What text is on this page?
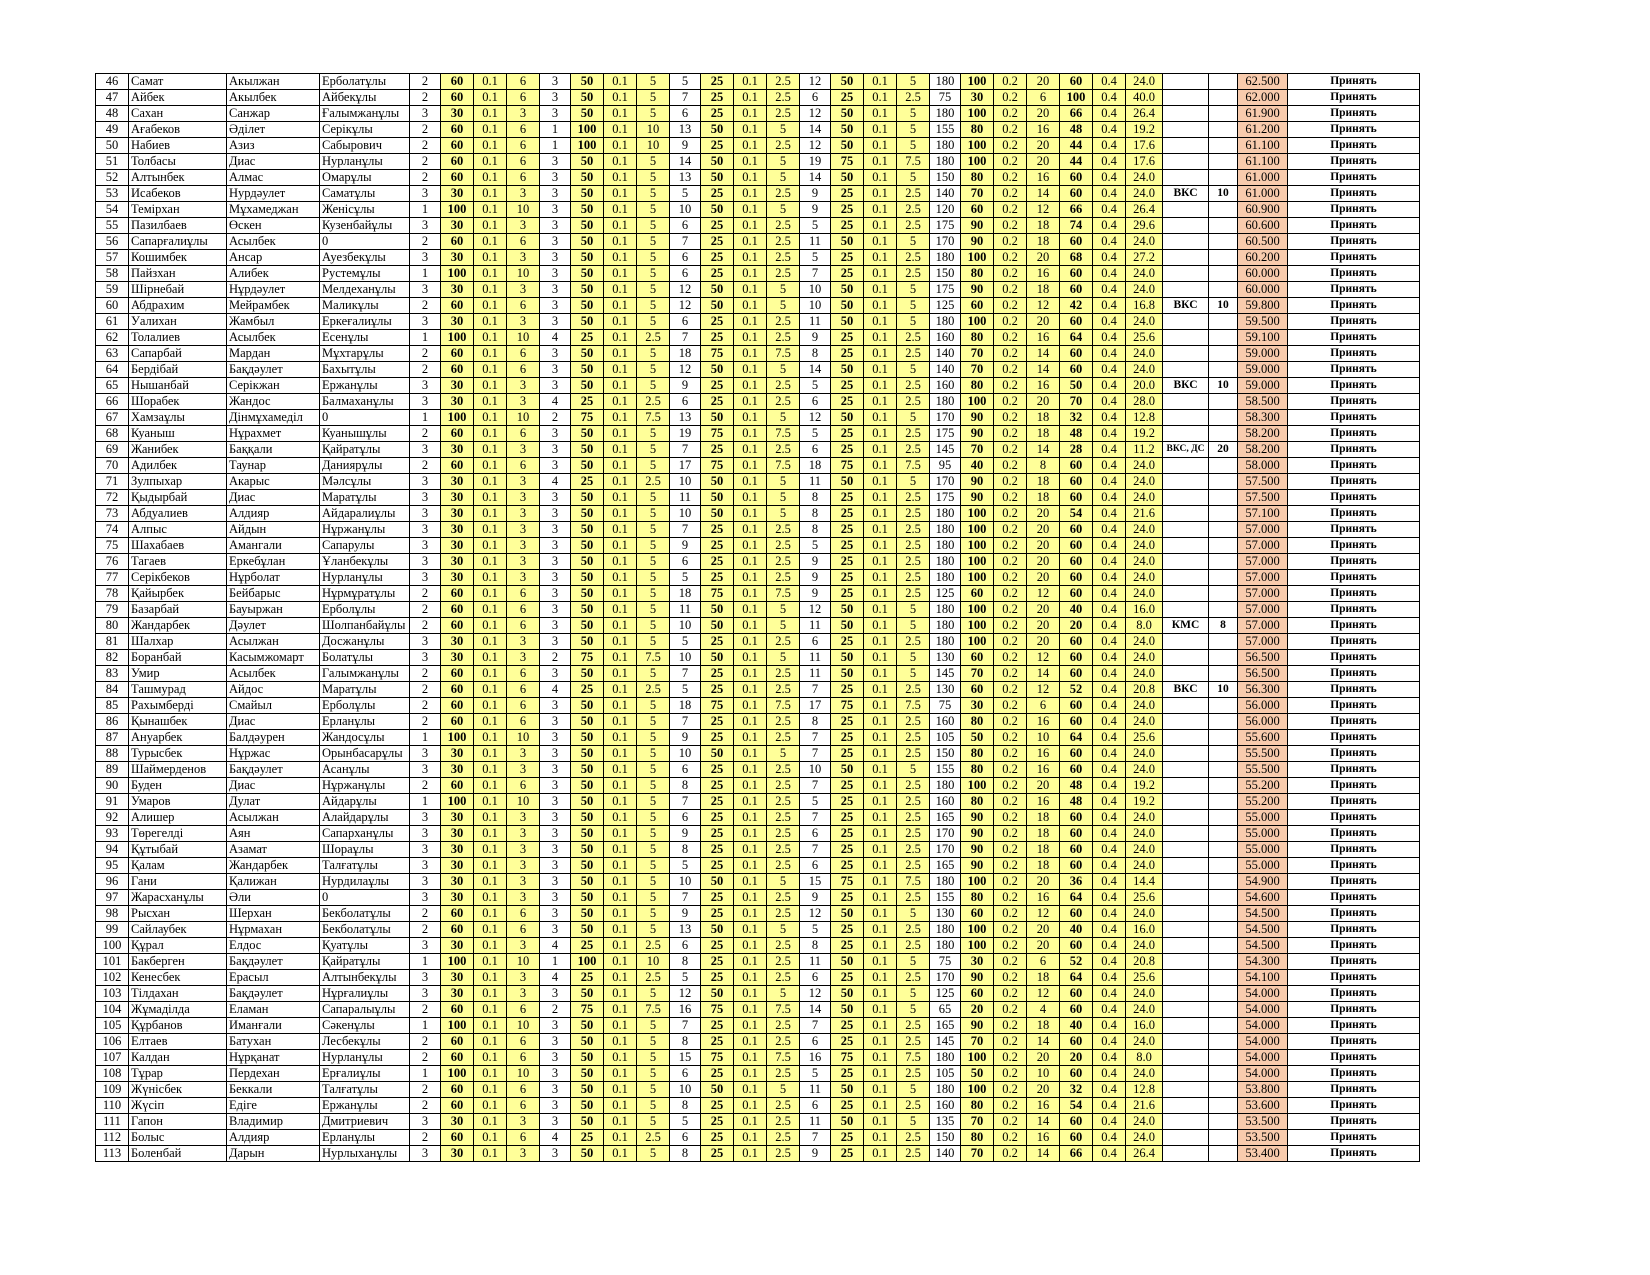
46	Самат	Акылжан	Ерболатұлы	2	60	0.1	6	3	50	0.1	5	5	25	0.1	2.5	12	50	0.1	5	180	100	0.2	20	60	0.4	24.0			62.500	Принять
47	Айбек	Акылбек	Айбекұлы	2	60	0.1	6	3	50	0.1	5	7	25	0.1	2.5	6	25	0.1	2.5	75	30	0.2	6	100	0.4	40.0			62.000	Принять
48	Сахан	Санжар	Ғалымжанұлы	3	30	0.1	3	3	50	0.1	5	6	25	0.1	2.5	12	50	0.1	5	180	100	0.2	20	66	0.4	26.4			61.900	Принять
49	Ағабеков	Әділет	Серікұлы	2	60	0.1	6	1	100	0.1	10	13	50	0.1	5	14	50	0.1	5	155	80	0.2	16	48	0.4	19.2			61.200	Принять
50	Набиев	Азиз	Сабырович	2	60	0.1	6	1	100	0.1	10	9	25	0.1	2.5	12	50	0.1	5	180	100	0.2	20	44	0.4	17.6			61.100	Принять
51	Толбасы	Диас	Нурланұлы	2	60	0.1	6	3	50	0.1	5	14	50	0.1	5	19	75	0.1	7.5	180	100	0.2	20	44	0.4	17.6			61.100	Принять
52	Алтынбек	Алмас	Омарұлы	2	60	0.1	6	3	50	0.1	5	13	50	0.1	5	14	50	0.1	5	150	80	0.2	16	60	0.4	24.0			61.000	Принять
53	Исабеков	Нурдәулет	Саматұлы	3	30	0.1	3	3	50	0.1	5	5	25	0.1	2.5	9	25	0.1	2.5	140	70	0.2	14	60	0.4	24.0	ВКС	10	61.000	Принять
54	Темірхан	Мұхамеджан	Женісұлы	1	100	0.1	10	3	50	0.1	5	10	50	0.1	5	9	25	0.1	2.5	120	60	0.2	12	66	0.4	26.4			60.900	Принять
55	Пазилбаев	Өскен	Кузенбайұлы	3	30	0.1	3	3	50	0.1	5	6	25	0.1	2.5	5	25	0.1	2.5	175	90	0.2	18	74	0.4	29.6			60.600	Принять
56	Сапарғалиұлы	Асылбек	0	2	60	0.1	6	3	50	0.1	5	7	25	0.1	2.5	11	50	0.1	5	170	90	0.2	18	60	0.4	24.0			60.500	Принять
57	Кошимбек	Ансар	Ауезбекұлы	3	30	0.1	3	3	50	0.1	5	6	25	0.1	2.5	5	25	0.1	2.5	180	100	0.2	20	68	0.4	27.2			60.200	Принять
58	Пайзхан	Алибек	Рустемұлы	1	100	0.1	10	3	50	0.1	5	6	25	0.1	2.5	7	25	0.1	2.5	150	80	0.2	16	60	0.4	24.0			60.000	Принять
59	Шірнебай	Нұрдәулет	Мелдеханұлы	3	30	0.1	3	3	50	0.1	5	12	50	0.1	5	10	50	0.1	5	175	90	0.2	18	60	0.4	24.0			60.000	Принять
60	Абдрахим	Мейрамбек	Маликұлы	2	60	0.1	6	3	50	0.1	5	12	50	0.1	5	10	50	0.1	5	125	60	0.2	12	42	0.4	16.8	ВКС	10	59.800	Принять
61	Уалихан	Жамбыл	Еркеғалиұлы	3	30	0.1	3	3	50	0.1	5	6	25	0.1	2.5	11	50	0.1	5	180	100	0.2	20	60	0.4	24.0			59.500	Принять
62	Толалиев	Асылбек	Есенұлы	1	100	0.1	10	4	25	0.1	2.5	7	25	0.1	2.5	9	25	0.1	2.5	160	80	0.2	16	64	0.4	25.6			59.100	Принять
63	Сапарбай	Мардан	Мұхтарұлы	2	60	0.1	6	3	50	0.1	5	18	75	0.1	7.5	8	25	0.1	2.5	140	70	0.2	14	60	0.4	24.0			59.000	Принять
64	Бердібай	Бақдәулет	Бахытұлы	2	60	0.1	6	3	50	0.1	5	12	50	0.1	5	14	50	0.1	5	140	70	0.2	14	60	0.4	24.0			59.000	Принять
65	Нышанбай	Серікжан	Ержанұлы	3	30	0.1	3	3	50	0.1	5	9	25	0.1	2.5	5	25	0.1	2.5	160	80	0.2	16	50	0.4	20.0	ВКС	10	59.000	Принять
66	Шорабек	Жандос	Балмаханұлы	3	30	0.1	3	4	25	0.1	2.5	6	25	0.1	2.5	6	25	0.1	2.5	180	100	0.2	20	70	0.4	28.0			58.500	Принять
67	Хамзаұлы	Дінмұхамеділ	0	1	100	0.1	10	2	75	0.1	7.5	13	50	0.1	5	12	50	0.1	5	170	90	0.2	18	32	0.4	12.8			58.300	Принять
68	Куаныш	Нұрахмет	Куанышұлы	2	60	0.1	6	3	50	0.1	5	19	75	0.1	7.5	5	25	0.1	2.5	175	90	0.2	18	48	0.4	19.2			58.200	Принять
69	Жанибек	Баққали	Қайратұлы	3	30	0.1	3	3	50	0.1	5	7	25	0.1	2.5	6	25	0.1	2.5	145	70	0.2	14	28	0.4	11.2	ВКС, ДС	20	58.200	Принять
70	Адилбек	Таунар	Даниярұлы	2	60	0.1	6	3	50	0.1	5	17	75	0.1	7.5	18	75	0.1	7.5	95	40	0.2	8	60	0.4	24.0			58.000	Принять
71	Зулпыхар	Акарыс	Мәлсұлы	3	30	0.1	3	4	25	0.1	2.5	10	50	0.1	5	11	50	0.1	5	170	90	0.2	18	60	0.4	24.0			57.500	Принять
72	Қыдырбай	Диас	Маратұлы	3	30	0.1	3	3	50	0.1	5	11	50	0.1	5	8	25	0.1	2.5	175	90	0.2	18	60	0.4	24.0			57.500	Принять
73	Абдуалиев	Алдияр	Айдаралиұлы	3	30	0.1	3	3	50	0.1	5	10	50	0.1	5	8	25	0.1	2.5	180	100	0.2	20	54	0.4	21.6			57.100	Принять
74	Алпыс	Айдын	Нұржанұлы	3	30	0.1	3	3	50	0.1	5	7	25	0.1	2.5	8	25	0.1	2.5	180	100	0.2	20	60	0.4	24.0			57.000	Принять
75	Шахабаев	Амангали	Сапарулы	3	30	0.1	3	3	50	0.1	5	9	25	0.1	2.5	5	25	0.1	2.5	180	100	0.2	20	60	0.4	24.0			57.000	Принять
76	Тагаев	Еркебұлан	Ұланбекұлы	3	30	0.1	3	3	50	0.1	5	6	25	0.1	2.5	9	25	0.1	2.5	180	100	0.2	20	60	0.4	24.0			57.000	Принять
77	Серікбеков	Нұрболат	Нурланұлы	3	30	0.1	3	3	50	0.1	5	5	25	0.1	2.5	9	25	0.1	2.5	180	100	0.2	20	60	0.4	24.0			57.000	Принять
78	Қайырбек	Бейбарыс	Нұрмұратұлы	2	60	0.1	6	3	50	0.1	5	18	75	0.1	7.5	9	25	0.1	2.5	125	60	0.2	12	60	0.4	24.0			57.000	Принять
79	Базарбай	Бауыржан	Ерболұлы	2	60	0.1	6	3	50	0.1	5	11	50	0.1	5	12	50	0.1	5	180	100	0.2	20	40	0.4	16.0			57.000	Принять
80	Жандарбек	Дәулет	Шолпанбайұлы	2	60	0.1	6	3	50	0.1	5	10	50	0.1	5	11	50	0.1	5	180	100	0.2	20	20	0.4	8.0	КМС	8	57.000	Принять
81	Шалхар	Асылжан	Досжанұлы	3	30	0.1	3	3	50	0.1	5	5	25	0.1	2.5	6	25	0.1	2.5	180	100	0.2	20	60	0.4	24.0			57.000	Принять
82	Боранбай	Касымжомарт	Болатұлы	3	30	0.1	3	2	75	0.1	7.5	10	50	0.1	5	11	50	0.1	5	130	60	0.2	12	60	0.4	24.0			56.500	Принять
83	Умир	Асылбек	Галымжанұлы	2	60	0.1	6	3	50	0.1	5	7	25	0.1	2.5	11	50	0.1	5	145	70	0.2	14	60	0.4	24.0			56.500	Принять
84	Ташмурад	Айдос	Маратұлы	2	60	0.1	6	4	25	0.1	2.5	5	25	0.1	2.5	7	25	0.1	2.5	130	60	0.2	12	52	0.4	20.8	ВКС	10	56.300	Принять
85	Рахымберді	Смайыл	Ерболұлы	2	60	0.1	6	3	50	0.1	5	18	75	0.1	7.5	17	75	0.1	7.5	75	30	0.2	6	60	0.4	24.0			56.000	Принять
86	Қынашбек	Диас	Ерланұлы	2	60	0.1	6	3	50	0.1	5	7	25	0.1	2.5	8	25	0.1	2.5	160	80	0.2	16	60	0.4	24.0			56.000	Принять
87	Ануарбек	Балдәурен	Жандосұлы	1	100	0.1	10	3	50	0.1	5	9	25	0.1	2.5	7	25	0.1	2.5	105	50	0.2	10	64	0.4	25.6			55.600	Принять
88	Турысбек	Нұржас	Орынбасарұлы	3	30	0.1	3	3	50	0.1	5	10	50	0.1	5	7	25	0.1	2.5	150	80	0.2	16	60	0.4	24.0			55.500	Принять
89	Шаймерденов	Бақдәулет	Асанұлы	3	30	0.1	3	3	50	0.1	5	6	25	0.1	2.5	10	50	0.1	5	155	80	0.2	16	60	0.4	24.0			55.500	Принять
90	Буден	Диас	Нұржанұлы	2	60	0.1	6	3	50	0.1	5	8	25	0.1	2.5	7	25	0.1	2.5	180	100	0.2	20	48	0.4	19.2			55.200	Принять
91	Умаров	Дулат	Айдарұлы	1	100	0.1	10	3	50	0.1	5	7	25	0.1	2.5	5	25	0.1	2.5	160	80	0.2	16	48	0.4	19.2			55.200	Принять
92	Алишер	Асылжан	Алайдарұлы	3	30	0.1	3	3	50	0.1	5	6	25	0.1	2.5	7	25	0.1	2.5	165	90	0.2	18	60	0.4	24.0			55.000	Принять
93	Төрегелді	Аян	Сапарханұлы	3	30	0.1	3	3	50	0.1	5	9	25	0.1	2.5	6	25	0.1	2.5	170	90	0.2	18	60	0.4	24.0			55.000	Принять
94	Құтыбай	Азамат	Шораұлы	3	30	0.1	3	3	50	0.1	5	8	25	0.1	2.5	7	25	0.1	2.5	170	90	0.2	18	60	0.4	24.0			55.000	Принять
95	Қалам	Жандарбек	Талғатұлы	3	30	0.1	3	3	50	0.1	5	5	25	0.1	2.5	6	25	0.1	2.5	165	90	0.2	18	60	0.4	24.0			55.000	Принять
96	Гани	Қалижан	Нурдилаұлы	3	30	0.1	3	3	50	0.1	5	10	50	0.1	5	15	75	0.1	7.5	180	100	0.2	20	36	0.4	14.4			54.900	Принять
97	Жарасханұлы	Әли	0	3	30	0.1	3	3	50	0.1	5	7	25	0.1	2.5	9	25	0.1	2.5	155	80	0.2	16	64	0.4	25.6			54.600	Принять
98	Рысхан	Шерхан	Бекболатұлы	2	60	0.1	6	3	50	0.1	5	9	25	0.1	2.5	12	50	0.1	5	130	60	0.2	12	60	0.4	24.0			54.500	Принять
99	Сайлаубек	Нұрмахан	Бекболатұлы	2	60	0.1	6	3	50	0.1	5	13	50	0.1	5	5	25	0.1	2.5	180	100	0.2	20	40	0.4	16.0			54.500	Принять
100	Құрал	Елдос	Қуатұлы	3	30	0.1	3	4	25	0.1	2.5	6	25	0.1	2.5	8	25	0.1	2.5	180	100	0.2	20	60	0.4	24.0			54.500	Принять
101	Бакберген	Бақдәулет	Қайратұлы	1	100	0.1	10	1	100	0.1	10	8	25	0.1	2.5	11	50	0.1	5	75	30	0.2	6	52	0.4	20.8			54.300	Принять
102	Кенесбек	Ерасыл	Алтынбекұлы	3	30	0.1	3	4	25	0.1	2.5	5	25	0.1	2.5	6	25	0.1	2.5	170	90	0.2	18	64	0.4	25.6			54.100	Принять
103	Тілдахан	Бақдәулет	Нұрғалиұлы	3	30	0.1	3	3	50	0.1	5	12	50	0.1	5	12	50	0.1	5	125	60	0.2	12	60	0.4	24.0			54.000	Принять
104	Жұмаділда	Еламан	Сапаралыұлы	2	60	0.1	6	2	75	0.1	7.5	16	75	0.1	7.5	14	50	0.1	5	65	20	0.2	4	60	0.4	24.0			54.000	Принять
105	Құрбанов	Иманғали	Сәкенұлы	1	100	0.1	10	3	50	0.1	5	7	25	0.1	2.5	7	25	0.1	2.5	165	90	0.2	18	40	0.4	16.0			54.000	Принять
106	Елтаев	Батухан	Лесбекұлы	2	60	0.1	6	3	50	0.1	5	8	25	0.1	2.5	6	25	0.1	2.5	145	70	0.2	14	60	0.4	24.0			54.000	Принять
107	Калдан	Нұрқанат	Нурланұлы	2	60	0.1	6	3	50	0.1	5	15	75	0.1	7.5	16	75	0.1	7.5	180	100	0.2	20	20	0.4	8.0			54.000	Принять
108	Тұрар	Пердехан	Ерғалиұлы	1	100	0.1	10	3	50	0.1	5	6	25	0.1	2.5	5	25	0.1	2.5	105	50	0.2	10	60	0.4	24.0			54.000	Принять
109	Жүнісбек	Беккали	Талғатұлы	2	60	0.1	6	3	50	0.1	5	10	50	0.1	5	11	50	0.1	5	180	100	0.2	20	32	0.4	12.8			53.800	Принять
110	Жүсіп	Едіге	Ержанұлы	2	60	0.1	6	3	50	0.1	5	8	25	0.1	2.5	6	25	0.1	2.5	160	80	0.2	16	54	0.4	21.6			53.600	Принять
111	Гапон	Владимир	Дмитриевич	3	30	0.1	3	3	50	0.1	5	5	25	0.1	2.5	11	50	0.1	5	135	70	0.2	14	60	0.4	24.0			53.500	Принять
112	Болыс	Алдияр	Ерланұлы	2	60	0.1	6	4	25	0.1	2.5	6	25	0.1	2.5	7	25	0.1	2.5	150	80	0.2	16	60	0.4	24.0			53.500	Принять
113	Боленбай	Дарын	Нурлыханұлы	3	30	0.1	3	3	50	0.1	5	8	25	0.1	2.5	9	25	0.1	2.5	140	70	0.2	14	66	0.4	26.4			53.400	Принять
